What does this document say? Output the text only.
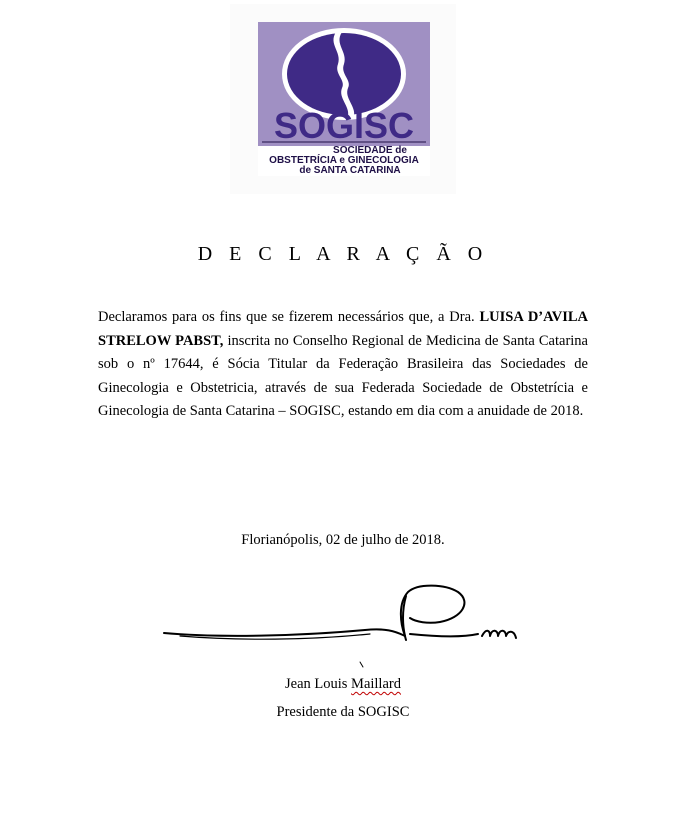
SOGISC
SOCIEDADE de
OBSTETRÍCIA e GINECOLOGIA
de SANTA CATARINA
D E C L A R A Ç Ã O

Declaramos para os fins que se fizerem necessários que, a Dra. LUISA D’AVILA STRELOW PABST, inscrita no Conselho Regional de Medicina de Santa Catarina sob o nº 17644, é Sócia Titular da Federação Brasileira das Sociedades de Ginecologia e Obstetricia, através de sua Federada Sociedade de Obstetrícia e Ginecologia de Santa Catarina – SOGISC, estando em dia com a anuidade de 2018.

Florianópolis, 02 de julho de 2018.
Jean Louis Maillard
Presidente da SOGISC
